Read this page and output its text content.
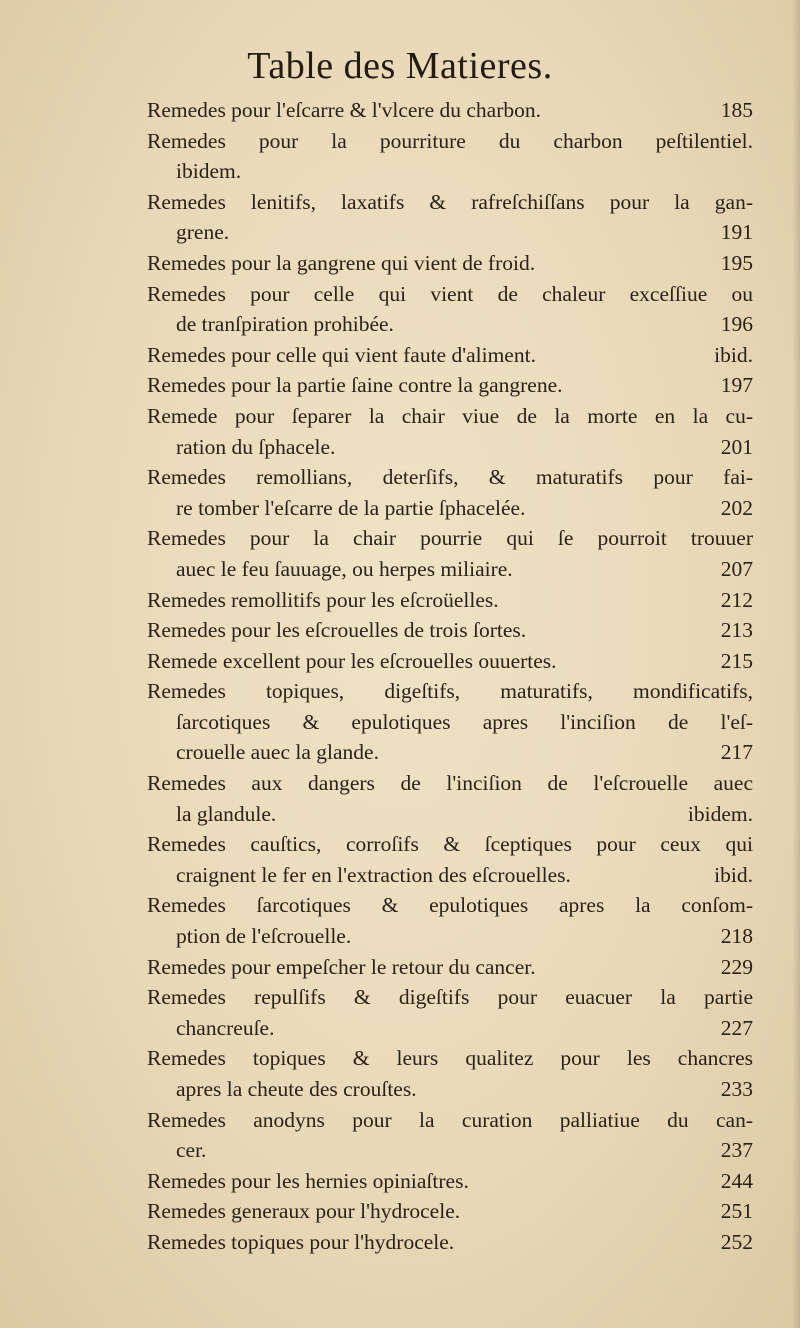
Table des Matieres.
Remedes pour l'eſcarre & l'vlcere du charbon.	185
Remedes pour la pourriture du charbon peſtilentiel.
ibidem.
Remedes lenitifs, laxatifs & rafreſchiſſans pour la gan-
grene.	191
Remedes pour la gangrene qui vient de froid.	195
Remedes pour celle qui vient de chaleur exceſſiue ou
de tranſpiration prohibée.	196
Remedes pour celle qui vient faute d'aliment.	ibid.
Remedes pour la partie ſaine contre la gangrene.	197
Remede pour ſeparer la chair viue de la morte en la cu-
ration du ſphacele.	201
Remedes remollians, deterſifs, & maturatifs pour fai-
re tomber l'eſcarre de la partie ſphacelée.	202
Remedes pour la chair pourrie qui ſe pourroit trouuer
auec le feu ſauuage, ou herpes miliaire.	207
Remedes remollitifs pour les eſcroüelles.	212
Remedes pour les eſcrouelles de trois ſortes.	213
Remede excellent pour les eſcrouelles ouuertes.	215
Remedes topiques, digeſtifs, maturatifs, mondificatifs,
ſarcotiques & epulotiques apres l'inciſion de l'eſ-
crouelle auec la glande.	217
Remedes aux dangers de l'inciſion de l'eſcrouelle auec
la glandule.	ibidem.
Remedes cauſtics, corroſifs & ſceptiques pour ceux qui
craignent le fer en l'extraction des eſcrouelles.	ibid.
Remedes ſarcotiques & epulotiques apres la conſom-
ption de l'eſcrouelle.	218
Remedes pour empeſcher le retour du cancer.	229
Remedes repulſifs & digeſtifs pour euacuer la partie
chancreuſe.	227
Remedes topiques & leurs qualitez pour les chancres
apres la cheute des crouſtes.	233
Remedes anodyns pour la curation palliatiue du can-
cer.	237
Remedes pour les hernies opiniaſtres.	244
Remedes generaux pour l'hydrocele.	251
Remedes topiques pour l'hydrocele.	252
